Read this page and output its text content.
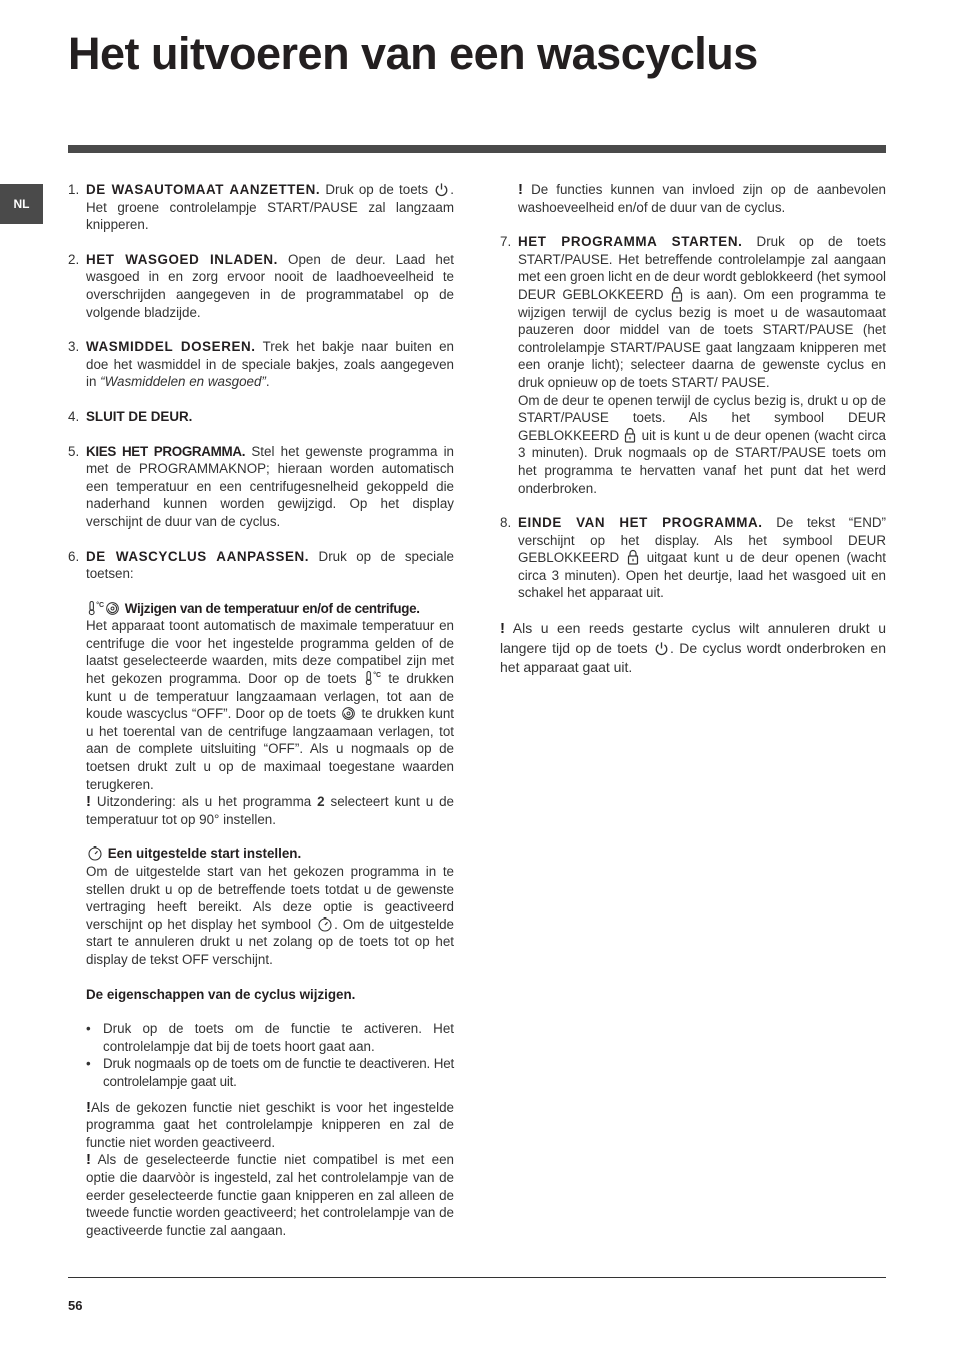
Het uitvoeren van een wascyclus
NL
1. DE WASAUTOMAAT AANZETTEN. Druk op de toets . Het groene controlelampje START/PAUSE zal langzaam knipperen.
2. HET WASGOED INLADEN. Open de deur. Laad het wasgoed in en zorg ervoor nooit de laadhoeveelheid te overschrijden aangegeven in de programmatabel op de volgende bladzijde.
3. WASMIDDEL DOSEREN. Trek het bakje naar buiten en doe het wasmiddel in de speciale bakjes, zoals aangegeven in “Wasmiddelen en wasgoed”.
4. SLUIT DE DEUR.
5. KIES HET PROGRAMMA. Stel het gewenste programma in met de PROGRAMMAKNOP; hieraan worden automatisch een temperatuur en een centrifugesnelheid gekoppeld die naderhand kunnen worden gewijzigd. Op het display verschijnt de duur van de cyclus.
6. DE WASCYCLUS AANPASSEN. Druk op de speciale toetsen:
°C Wijzigen van de temperatuur en/of de centrifuge.
Het apparaat toont automatisch de maximale temperatuur en centrifuge die voor het ingestelde programma gelden of de laatst geselecteerde waarden, mits deze compatibel zijn met het gekozen programma. Door op de toets °C te drukken kunt u de temperatuur langzaamaan verlagen, tot aan de koude wascyclus “OFF”. Door op de toets  te drukken kunt u het toerental van de centrifuge langzaamaan verlagen, tot aan de complete uitsluiting “OFF”. Als u nogmaals op de toetsen drukt zult u op de maximaal toegestane waarden terugkeren.
! Uitzondering: als u het programma 2 selecteert kunt u de temperatuur tot op 90° instellen.
Een uitgestelde start instellen.
Om de uitgestelde start van het gekozen programma in te stellen drukt u op de betreffende toets totdat u de gewenste vertraging heeft bereikt. Als deze optie is geactiveerd verschijnt op het display het symbool . Om de uitgestelde start te annuleren drukt u net zolang op de toets tot op het display de tekst OFF verschijnt.
De eigenschappen van de cyclus wijzigen.
• Druk op de toets om de functie te activeren. Het controlelampje dat bij de toets hoort gaat aan.
• Druk nogmaals op de toets om de functie te deactiveren. Het controlelampje gaat uit.
!Als de gekozen functie niet geschikt is voor het ingestelde programma gaat het controlelampje knipperen en zal de functie niet worden geactiveerd.
! Als de geselecteerde functie niet compatibel is met een optie die daarvòòr is ingesteld, zal het controlelampje van de eerder geselecteerde functie gaan knipperen en zal alleen de tweede functie worden geactiveerd; het controlelampje van de geactiveerde functie zal aangaan.
! De functies kunnen van invloed zijn op de aanbevolen washoeveelheid en/of de duur van de cyclus.
7. HET PROGRAMMA STARTEN. Druk op de toets START/PAUSE. Het betreffende controlelampje zal aangaan met een groen licht en de deur wordt geblokkeerd (het symool DEUR GEBLOKKEERD  is aan). Om een programma te wijzigen terwijl de cyclus bezig is moet u de wasautomaat pauzeren door middel van de toets START/PAUSE (het controlelampje START/PAUSE gaat langzaam knipperen met een oranje licht); selecteer daarna de gewenste cyclus en druk opnieuw op de toets START/ PAUSE.
Om de deur te openen terwijl de cyclus bezig is, drukt u op de START/PAUSE toets. Als het symbool DEUR GEBLOKKEERD  uit is kunt u de deur openen (wacht circa 3 minuten). Druk nogmaals op de START/PAUSE toets om het programma te hervatten vanaf het punt dat het werd onderbroken.
8. EINDE VAN HET PROGRAMMA. De tekst “END” verschijnt op het display. Als het symbool DEUR GEBLOKKEERD  uitgaat kunt u de deur openen (wacht circa 3 minuten). Open het deurtje, laad het wasgoed uit en schakel het apparaat uit.
! Als u een reeds gestarte cyclus wilt annuleren drukt u langere tijd op de toets . De cyclus wordt onderbroken en het apparaat gaat uit.
56
